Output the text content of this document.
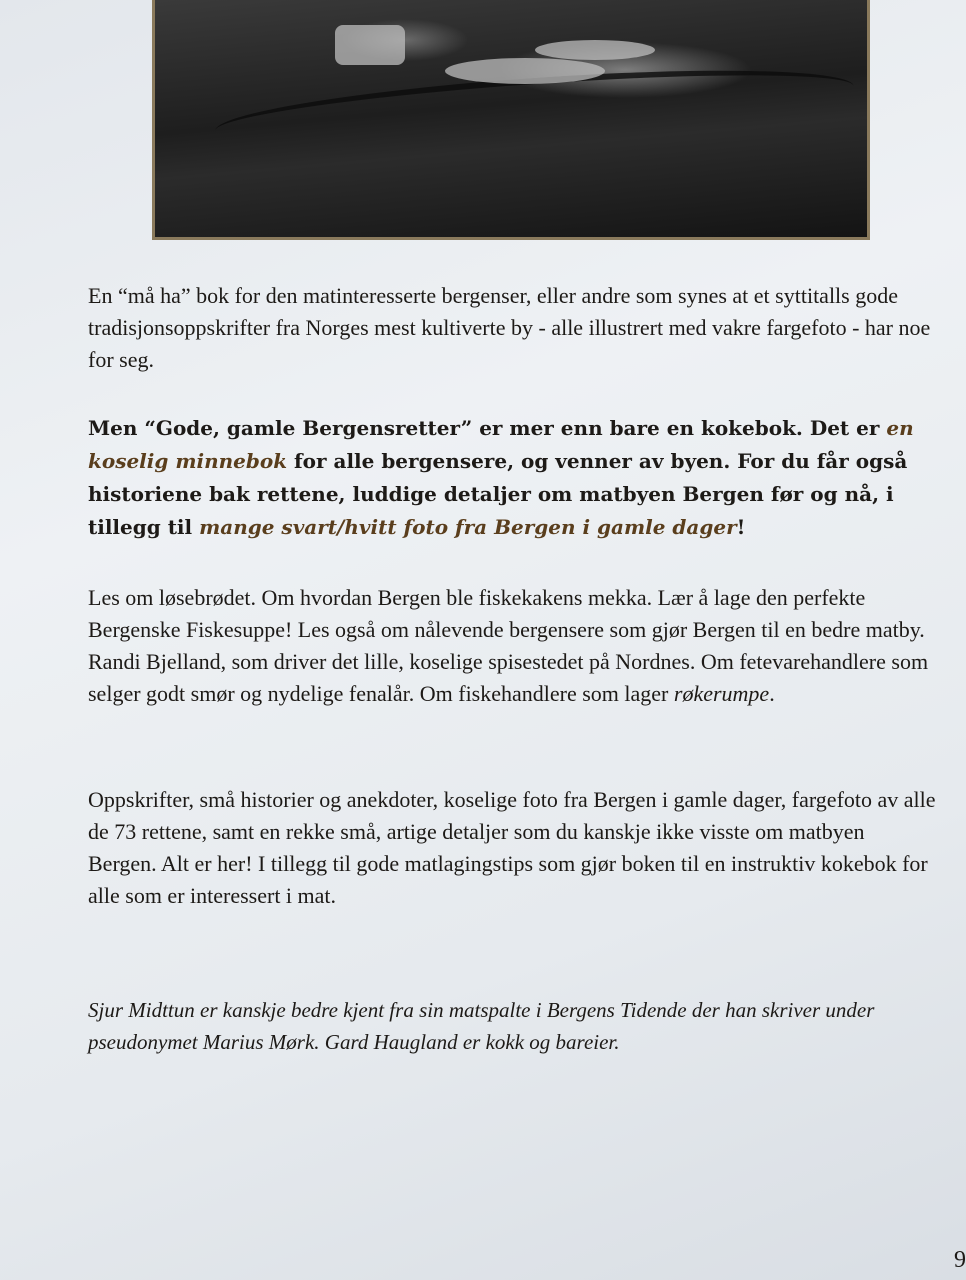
En “må ha” bok for den matinteresserte bergenser, eller andre som synes at et syttitalls gode tradisjonsoppskrifter fra Norges mest kultiverte by - alle illustrert med vakre fargefoto - har noe for seg.

Men “Gode, gamle Bergensretter” er mer enn bare en kokebok. Det er en koselig minnebok for alle bergensere, og venner av byen. For du får også historiene bak rettene, luddige detaljer om matbyen Bergen før og nå, i tillegg til mange svart/hvitt foto fra Bergen i gamle dager!

Les om løsebrødet. Om hvordan Bergen ble fiskekakens mekka. Lær å lage den perfekte Bergenske Fiskesuppe! Les også om nålevende bergensere som gjør Bergen til en bedre matby. Randi Bjelland, som driver det lille, koselige spisestedet på Nordnes. Om fetevarehandlere som selger godt smør og nydelige fenalår. Om fiskehandlere som lager røkerumpe.

Oppskrifter, små historier og anekdoter, koselige foto fra Bergen i gamle dager, fargefoto av alle de 73 rettene, samt en rekke små, artige detaljer som du kanskje ikke visste om matbyen Bergen. Alt er her! I tillegg til gode matlagingstips som gjør boken til en instruktiv kokebok for alle som er interessert i mat.

Sjur Midttun er kanskje bedre kjent fra sin matspalte i Bergens Tidende der han skriver under pseudonymet Marius Mørk. Gard Haugland er kokk og bareier.

9
